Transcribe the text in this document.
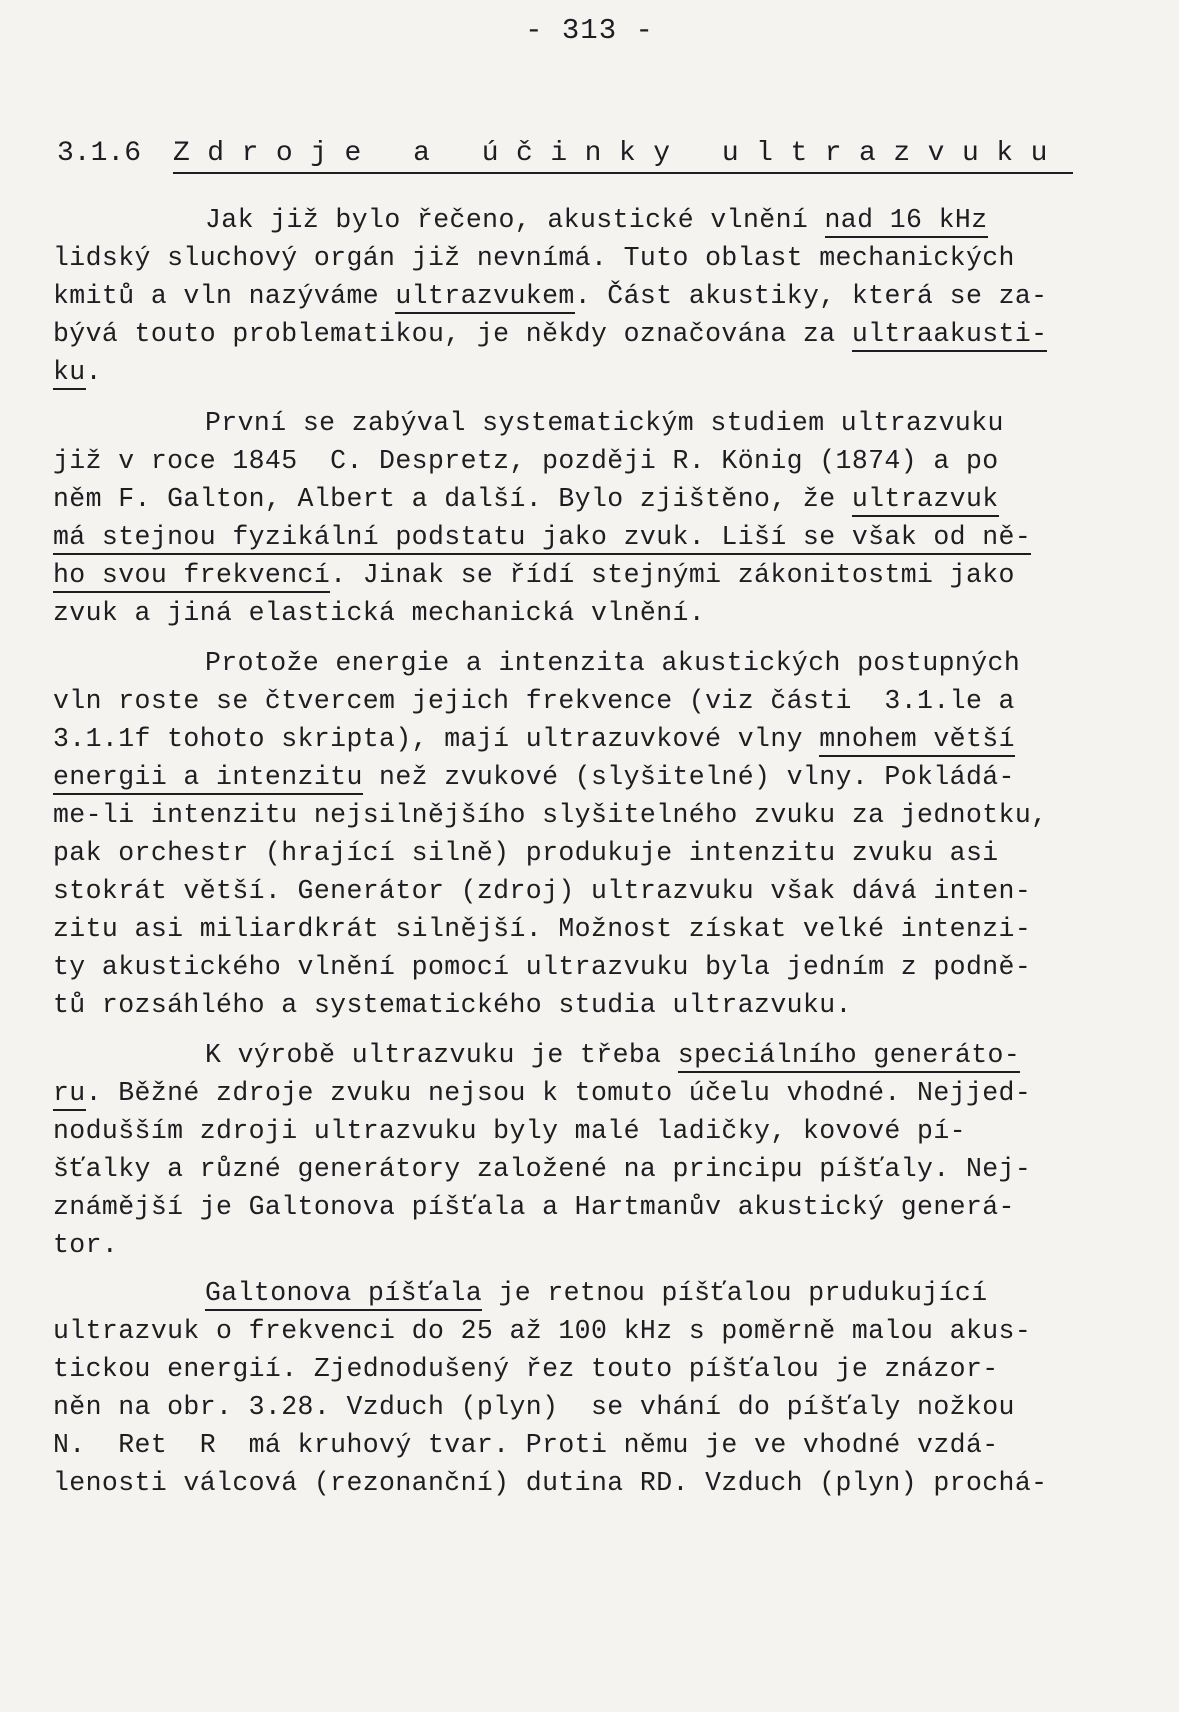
- 313 -
3.1.6 Zdroje a účinky ultrazvuku
Jak již bylo řečeno, akustické vlnění nad 16 kHz
lidský sluchový orgán již nevnímá. Tuto oblast mechanických
kmitů a vln nazýváme ultrazvukem. Část akustiky, která se za-
bývá touto problematikou, je někdy označována za ultraakusti-
ku.
První se zabýval systematickým studiem ultrazvuku
již v roce 1845  C. Despretz, později R. König (1874) a po
něm F. Galton, Albert a další. Bylo zjištěno, že ultrazvuk
má stejnou fyzikální podstatu jako zvuk. Liší se však od ně-
ho svou frekvencí. Jinak se řídí stejnými zákonitostmi jako
zvuk a jiná elastická mechanická vlnění.
Protože energie a intenzita akustických postupných
vln roste se čtvercem jejich frekvence (viz části  3.1.le a
3.1.1f tohoto skripta), mají ultrazuvkové vlny mnohem větší
energii a intenzitu než zvukové (slyšitelné) vlny. Pokládá-
me-li intenzitu nejsilnějšího slyšitelného zvuku za jednotku,
pak orchestr (hrající silně) produkuje intenzitu zvuku asi
stokrát větší. Generátor (zdroj) ultrazvuku však dává inten-
zitu asi miliardkrát silnější. Možnost získat velké intenzi-
ty akustického vlnění pomocí ultrazvuku byla jedním z podně-
tů rozsáhlého a systematického studia ultrazvuku.
K výrobě ultrazvuku je třeba speciálního generáto-
ru. Běžné zdroje zvuku nejsou k tomuto účelu vhodné. Nejjed-
nodušším zdroji ultrazvuku byly malé ladičky, kovové pí-
šťalky a různé generátory založené na principu píšťaly. Nej-
známější je Galtonova píšťala a Hartmanův akustický generá-
tor.
Galtonova píšťala je retnou píšťalou prudukující
ultrazvuk o frekvenci do 25 až 100 kHz s poměrně malou akus-
tickou energií. Zjednodušený řez touto píšťalou je znázor-
něn na obr. 3.28. Vzduch (plyn)  se vhání do píšťaly nožkou
N.  Ret  R  má kruhový tvar. Proti němu je ve vhodné vzdá-
lenosti válcová (rezonanční) dutina RD. Vzduch (plyn) prochá-
